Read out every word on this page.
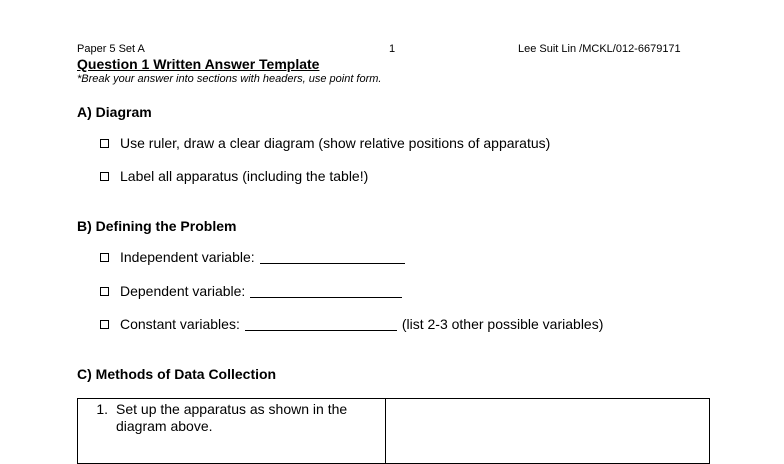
Paper 5 Set A	1	Lee Suit Lin /MCKL/012-6679171
Question 1 Written Answer Template
*Break your answer into sections with headers, use point form.
A) Diagram
Use ruler, draw a clear diagram (show relative positions of apparatus)
Label all apparatus (including the table!)
B) Defining the Problem
Independent variable:
Dependent variable:
Constant variables:	(list 2-3 other possible variables)
C) Methods of Data Collection
1. Set up the apparatus as shown in the diagram above.
